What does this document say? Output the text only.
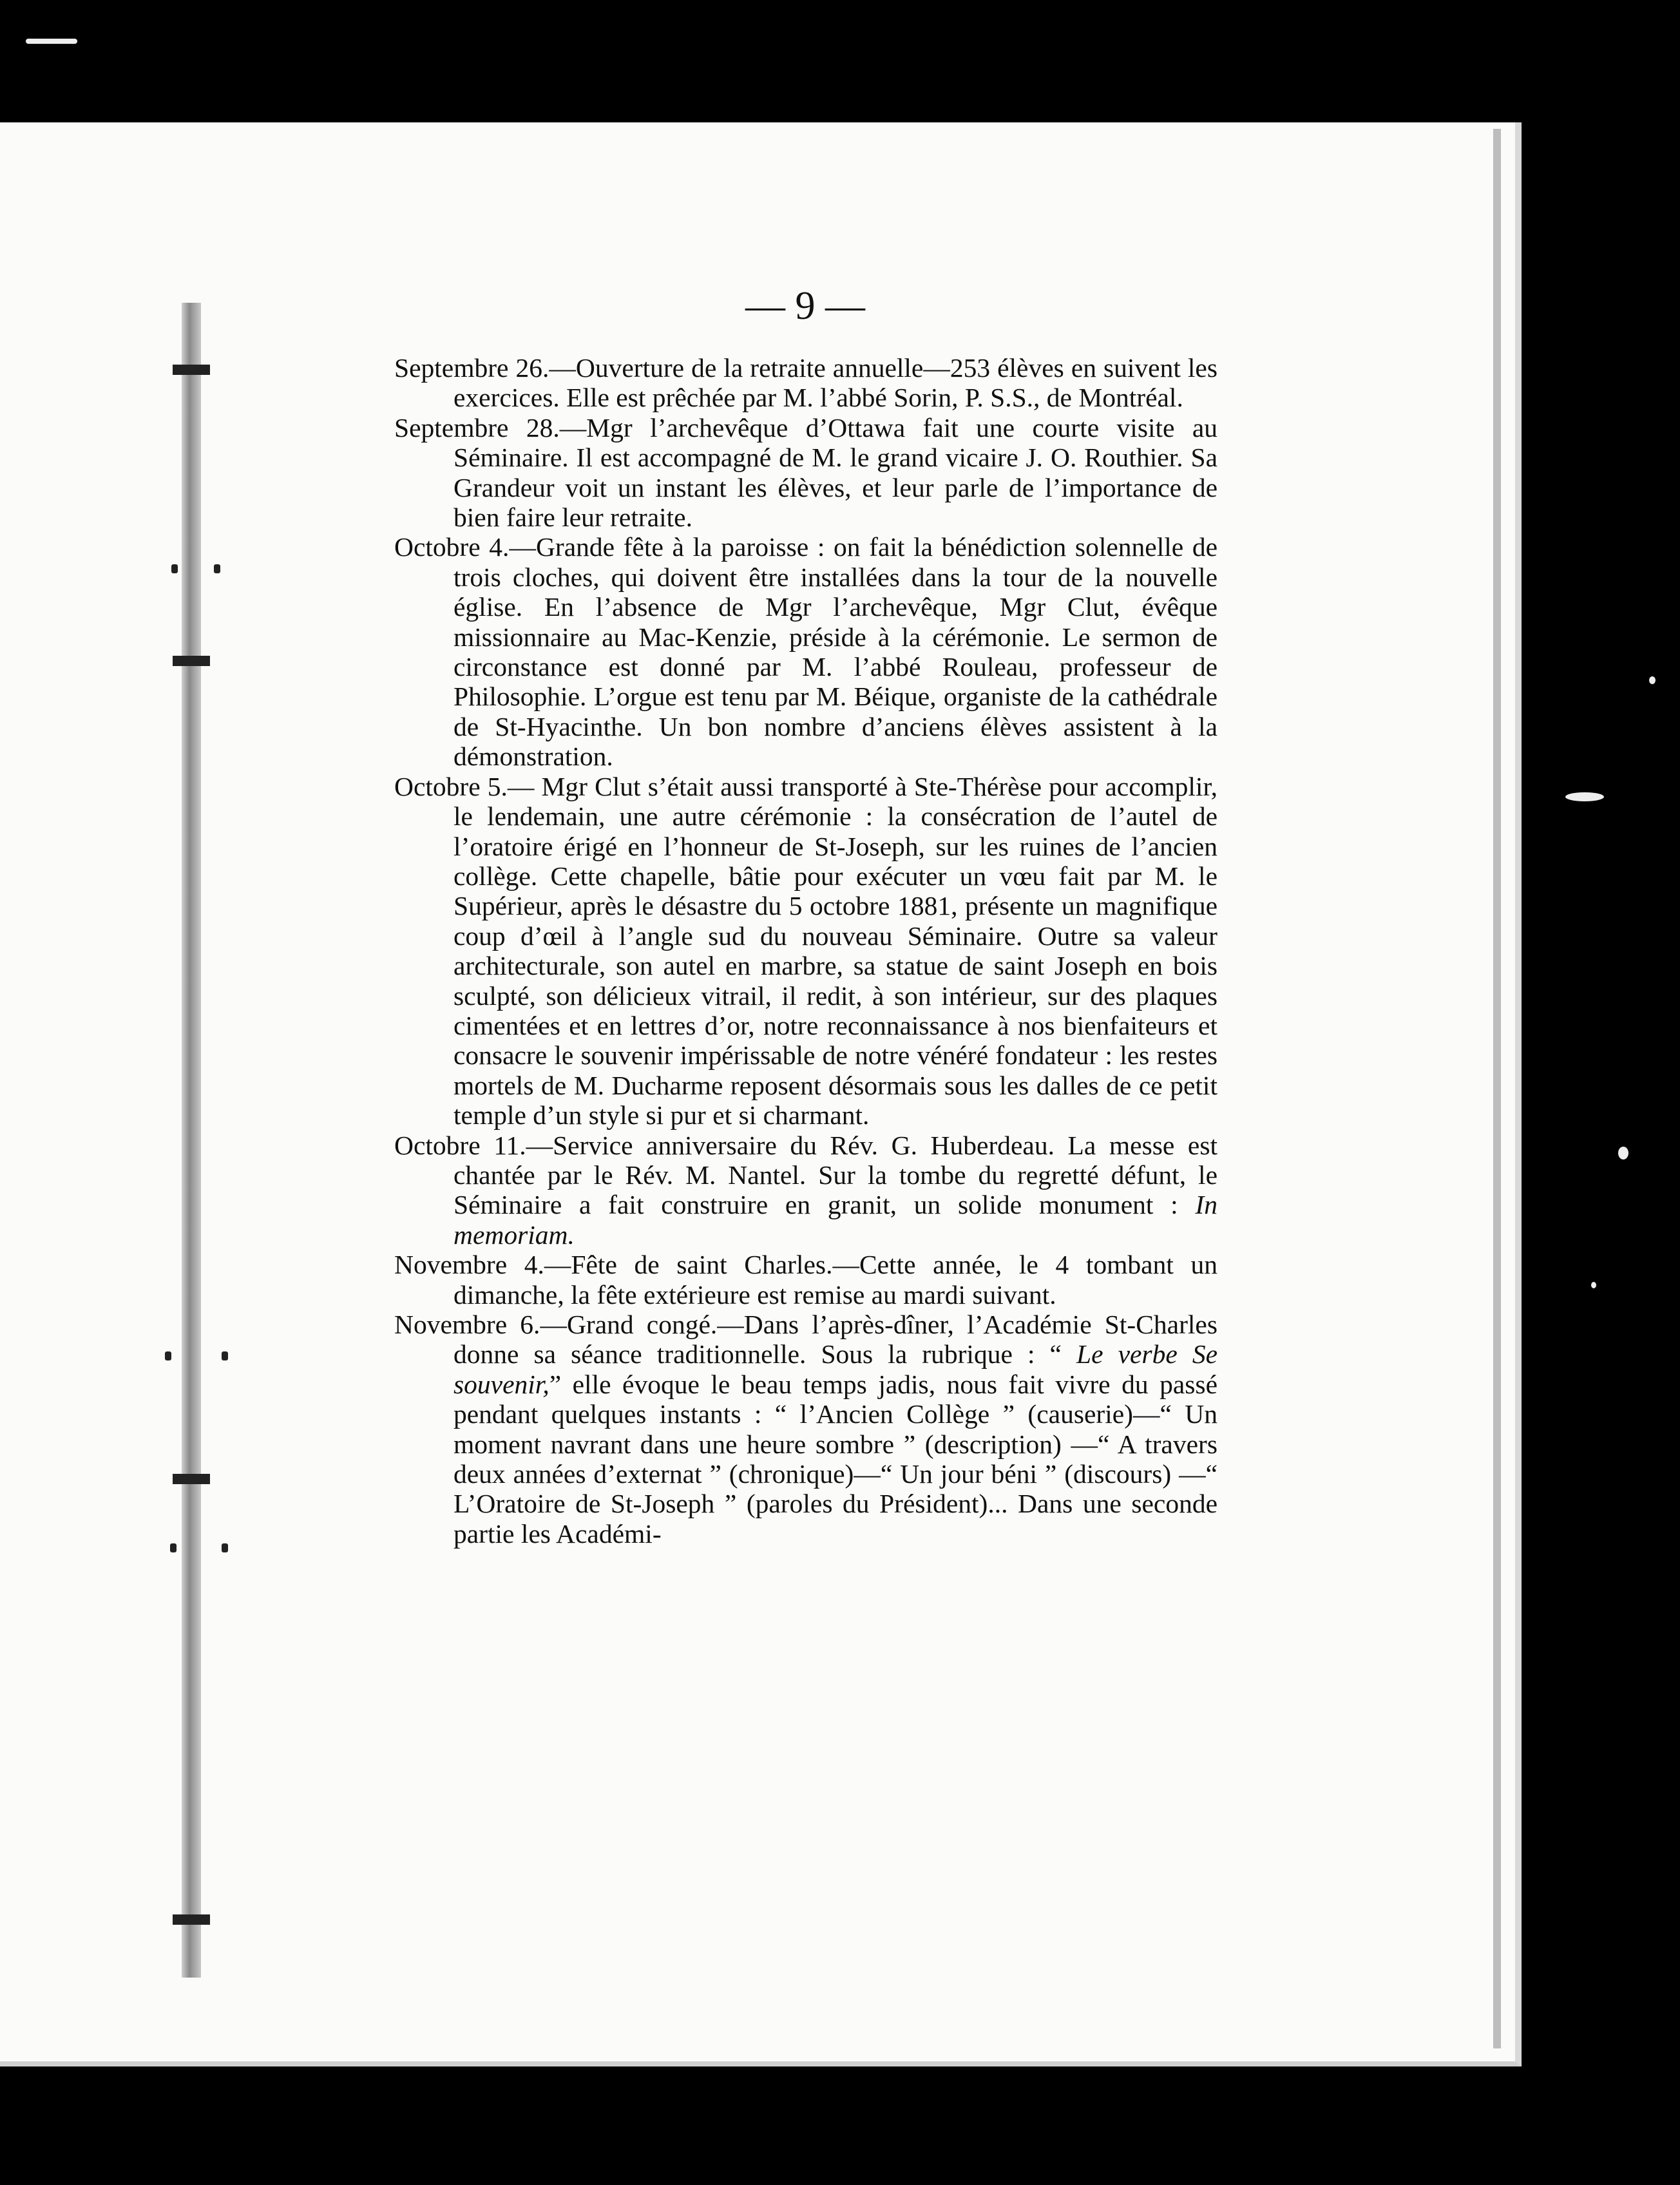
— 9 —

Septembre 26.—Ouverture de la retraite annuelle—253 élèves en suivent les exercices. Elle est prêchée par M. l’abbé Sorin, P. S.S., de Montréal.

Septembre 28.—Mgr l’archevêque d’Ottawa fait une courte visite au Séminaire. Il est accompagné de M. le grand vicaire J. O. Routhier. Sa Grandeur voit un instant les élèves, et leur parle de l’importance de bien faire leur retraite.

Octobre 4.—Grande fête à la paroisse : on fait la bénédiction solennelle de trois cloches, qui doivent être installées dans la tour de la nouvelle église. En l’absence de Mgr l’archevêque, Mgr Clut, évêque missionnaire au Mac-Kenzie, préside à la cérémonie. Le sermon de circonstance est donné par M. l’abbé Rouleau, professeur de Philosophie. L’orgue est tenu par M. Béique, organiste de la cathédrale de St-Hyacinthe. Un bon nombre d’anciens élèves assistent à la démonstration.

Octobre 5.— Mgr Clut s’était aussi transporté à Ste-Thérèse pour accomplir, le lendemain, une autre cérémonie : la consécration de l’autel de l’oratoire érigé en l’honneur de St-Joseph, sur les ruines de l’ancien collège. Cette chapelle, bâtie pour exécuter un vœu fait par M. le Supérieur, après le désastre du 5 octobre 1881, présente un magnifique coup d’œil à l’angle sud du nouveau Séminaire. Outre sa valeur architecturale, son autel en marbre, sa statue de saint Joseph en bois sculpté, son délicieux vitrail, il redit, à son intérieur, sur des plaques cimentées et en lettres d’or, notre reconnaissance à nos bienfaiteurs et consacre le souvenir impérissable de notre vénéré fondateur : les restes mortels de M. Ducharme reposent désormais sous les dalles de ce petit temple d’un style si pur et si charmant.

Octobre 11.—Service anniversaire du Rév. G. Huberdeau. La messe est chantée par le Rév. M. Nantel. Sur la tombe du regretté défunt, le Séminaire a fait construire en granit, un solide monument : In memoriam.

Novembre 4.—Fête de saint Charles.—Cette année, le 4 tombant un dimanche, la fête extérieure est remise au mardi suivant.

Novembre 6.—Grand congé.—Dans l’après-dîner, l’Académie St-Charles donne sa séance traditionnelle. Sous la rubrique : “ Le verbe Se souvenir,” elle évoque le beau temps jadis, nous fait vivre du passé pendant quelques instants : “ l’Ancien Collège ” (causerie)—“ Un moment navrant dans une heure sombre ” (description) —“ A travers deux années d’externat ” (chronique)—“ Un jour béni ” (discours) —“ L’Oratoire de St-Joseph ” (paroles du Président)... Dans une seconde partie les Académi-
